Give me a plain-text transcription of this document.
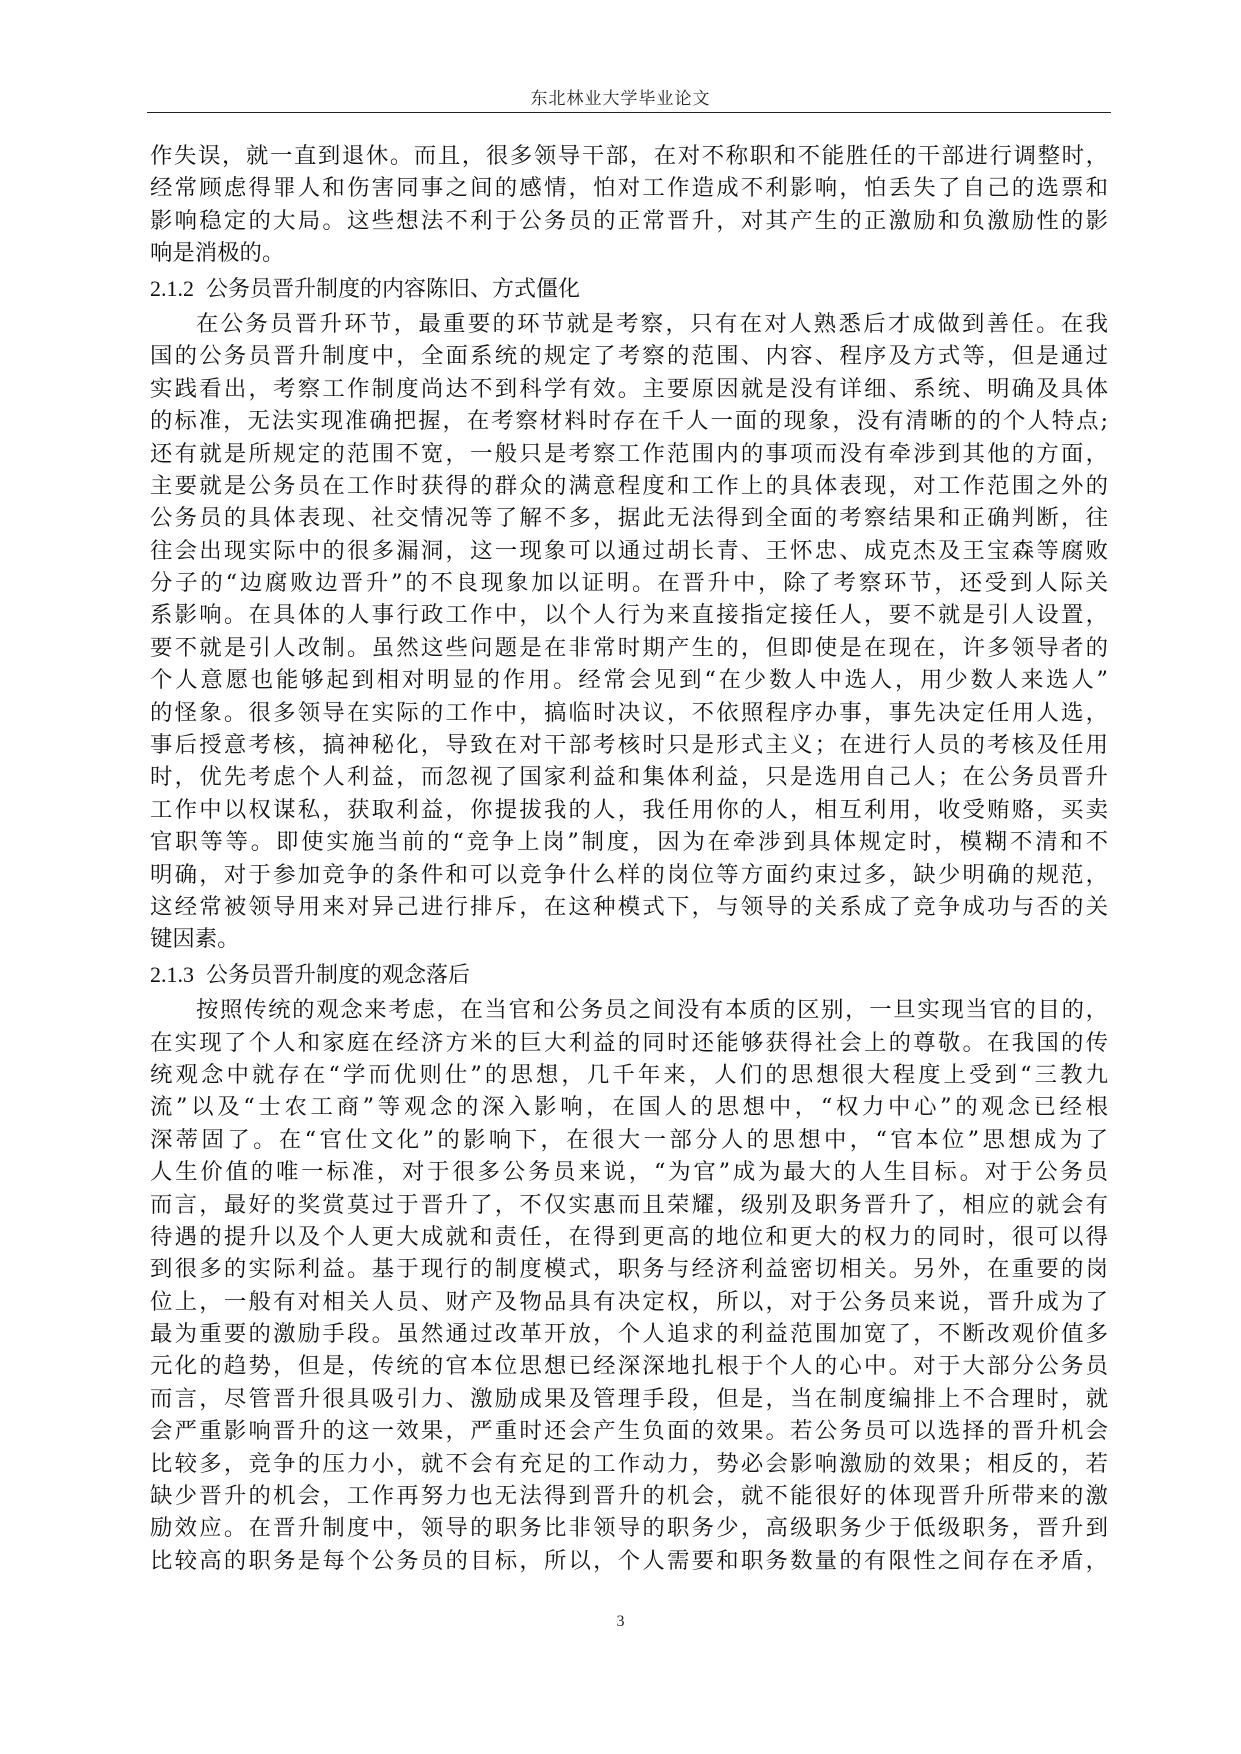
东北林业大学毕业论文
作失误，就一直到退休。而且，很多领导干部，在对不称职和不能胜任的干部进行调整时，
经常顾虑得罪人和伤害同事之间的感情，怕对工作造成不利影响，怕丢失了自己的选票和
影响稳定的大局。这些想法不利于公务员的正常晋升，对其产生的正激励和负激励性的影
响是消极的。
2.1.2 公务员晋升制度的内容陈旧、方式僵化
在公务员晋升环节，最重要的环节就是考察，只有在对人熟悉后才成做到善任。在我
国的公务员晋升制度中，全面系统的规定了考察的范围、内容、程序及方式等，但是通过
实践看出，考察工作制度尚达不到科学有效。主要原因就是没有详细、系统、明确及具体
的标准，无法实现准确把握，在考察材料时存在千人一面的现象，没有清晰的的个人特点;
还有就是所规定的范围不宽，一般只是考察工作范围内的事项而没有牵涉到其他的方面，
主要就是公务员在工作时获得的群众的满意程度和工作上的具体表现，对工作范围之外的
公务员的具体表现、社交情况等了解不多，据此无法得到全面的考察结果和正确判断，往
往会出现实际中的很多漏洞，这一现象可以通过胡长青、王怀忠、成克杰及王宝森等腐败
分子的“边腐败边晋升”的不良现象加以证明。在晋升中，除了考察环节，还受到人际关
系影响。在具体的人事行政工作中，以个人行为来直接指定接任人，要不就是引人设置，
要不就是引人改制。虽然这些问题是在非常时期产生的，但即使是在现在，许多领导者的
个人意愿也能够起到相对明显的作用。经常会见到“在少数人中选人，用少数人来选人”
的怪象。很多领导在实际的工作中，搞临时决议，不依照程序办事，事先决定任用人选，
事后授意考核，搞神秘化，导致在对干部考核时只是形式主义；在进行人员的考核及任用
时，优先考虑个人利益，而忽视了国家利益和集体利益，只是选用自己人；在公务员晋升
工作中以权谋私，获取利益，你提拔我的人，我任用你的人，相互利用，收受贿赂，买卖
官职等等。即使实施当前的“竞争上岗”制度，因为在牵涉到具体规定时，模糊不清和不
明确，对于参加竞争的条件和可以竞争什么样的岗位等方面约束过多，缺少明确的规范，
这经常被领导用来对异己进行排斥，在这种模式下，与领导的关系成了竞争成功与否的关
键因素。
2.1.3 公务员晋升制度的观念落后
按照传统的观念来考虑，在当官和公务员之间没有本质的区别，一旦实现当官的目的，
在实现了个人和家庭在经济方米的巨大利益的同时还能够获得社会上的尊敬。在我国的传
统观念中就存在“学而优则仕”的思想，几千年来，人们的思想很大程度上受到“三教九
流”以及“士农工商”等观念的深入影响，在国人的思想中，“权力中心”的观念已经根
深蒂固了。在“官仕文化”的影响下，在很大一部分人的思想中，“官本位”思想成为了
人生价值的唯一标准，对于很多公务员来说，“为官”成为最大的人生目标。对于公务员
而言，最好的奖赏莫过于晋升了，不仅实惠而且荣耀，级别及职务晋升了，相应的就会有
待遇的提升以及个人更大成就和责任，在得到更高的地位和更大的权力的同时，很可以得
到很多的实际利益。基于现行的制度模式，职务与经济利益密切相关。另外，在重要的岗
位上，一般有对相关人员、财产及物品具有决定权，所以，对于公务员来说，晋升成为了
最为重要的激励手段。虽然通过改革开放，个人追求的利益范围加宽了，不断改观价值多
元化的趋势，但是，传统的官本位思想已经深深地扎根于个人的心中。对于大部分公务员
而言，尽管晋升很具吸引力、激励成果及管理手段，但是，当在制度编排上不合理时，就
会严重影响晋升的这一效果，严重时还会产生负面的效果。若公务员可以选择的晋升机会
比较多，竞争的压力小，就不会有充足的工作动力，势必会影响激励的效果；相反的，若
缺少晋升的机会，工作再努力也无法得到晋升的机会，就不能很好的体现晋升所带来的激
励效应。在晋升制度中，领导的职务比非领导的职务少，高级职务少于低级职务，晋升到
比较高的职务是每个公务员的目标，所以，个人需要和职务数量的有限性之间存在矛盾，
3
